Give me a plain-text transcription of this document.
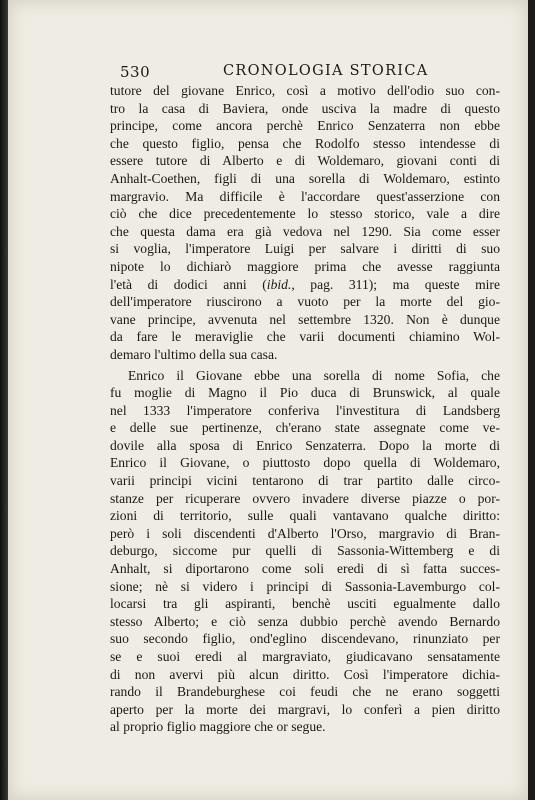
530	CRONOLOGIA STORICA
tutore del giovane Enrico, così a motivo dell'odio suo con-
tro la casa di Baviera, onde usciva la madre di questo
principe, come ancora perchè Enrico Senzaterra non ebbe
che questo figlio, pensa che Rodolfo stesso intendesse di
essere tutore di Alberto e di Woldemaro, giovani conti di
Anhalt-Coethen, figli di una sorella di Woldemaro, estinto
margravio. Ma difficile è l'accordare quest'asserzione con
ciò che dice precedentemente lo stesso storico, vale a dire
che questa dama era già vedova nel 1290. Sia come esser
si voglia, l'imperatore Luigi per salvare i diritti di suo
nipote lo dichiarò maggiore prima che avesse raggiunta
l'età di dodici anni (ibid., pag. 311); ma queste mire
dell'imperatore riuscirono a vuoto per la morte del gio-
vane principe, avvenuta nel settembre 1320. Non è dunque
da fare le meraviglie che varii documenti chiamino Wol-
demaro l'ultimo della sua casa.
Enrico il Giovane ebbe una sorella di nome Sofia, che
fu moglie di Magno il Pio duca di Brunswick, al quale
nel 1333 l'imperatore conferiva l'investitura di Landsberg
e delle sue pertinenze, ch'erano state assegnate come ve-
dovile alla sposa di Enrico Senzaterra. Dopo la morte di
Enrico il Giovane, o piuttosto dopo quella di Woldemaro,
varii principi vicini tentarono di trar partito dalle circo-
stanze per ricuperare ovvero invadere diverse piazze o por-
zioni di territorio, sulle quali vantavano qualche diritto:
però i soli discendenti d'Alberto l'Orso, margravio di Bran-
deburgo, siccome pur quelli di Sassonia-Wittemberg e di
Anhalt, si diportarono come soli eredi di sì fatta succes-
sione; nè si videro i principi di Sassonia-Lavemburgo col-
locarsi tra gli aspiranti, benchè usciti egualmente dallo
stesso Alberto; e ciò senza dubbio perchè avendo Bernardo
suo secondo figlio, ond'eglino discendevano, rinunziato per
se e suoi eredi al margraviato, giudicavano sensatamente
di non avervi più alcun diritto. Così l'imperatore dichia-
rando il Brandeburghese coi feudi che ne erano soggetti
aperto per la morte dei margravi, lo conferì a pien diritto
al proprio figlio maggiore che or segue.
